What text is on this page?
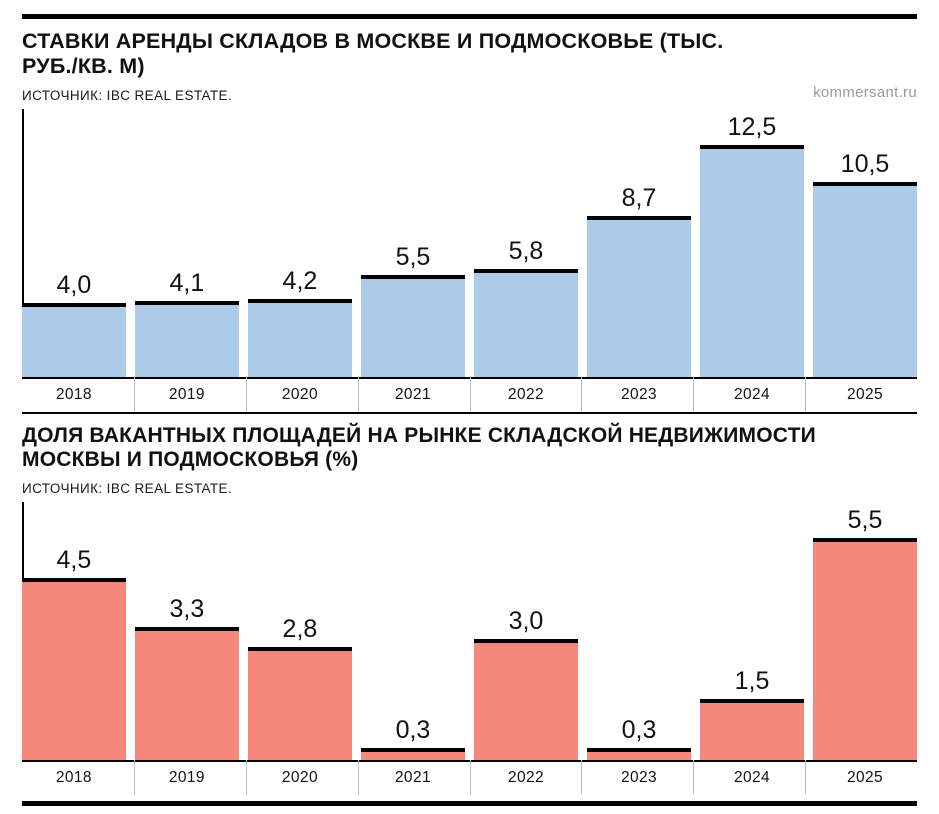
СТАВКИ АРЕНДЫ СКЛАДОВ В МОСКВЕ И ПОДМОСКОВЬЕ (ТЫС. РУБ./КВ. М)
kommersant.ru
ИСТОЧНИК: IBC REAL ESTATE.
4,0	4,1	4,2
5,5	5,8
8,7
12,5
10,5
2018	2019	2020	2021	2022	2023	2024	2025
ДОЛЯ ВАКАНТНЫХ ПЛОЩАДЕЙ НА РЫНКЕ СКЛАДСКОЙ НЕДВИЖИМОСТИ МОСКВЫ И ПОДМОСКОВЬЯ (%)
ИСТОЧНИК: IBC REAL ESTATE.
4,5
3,3
2,8
0,3
3,0
0,3
1,5
5,5
2018	2019	2020	2021	2022	2023	2024	2025
